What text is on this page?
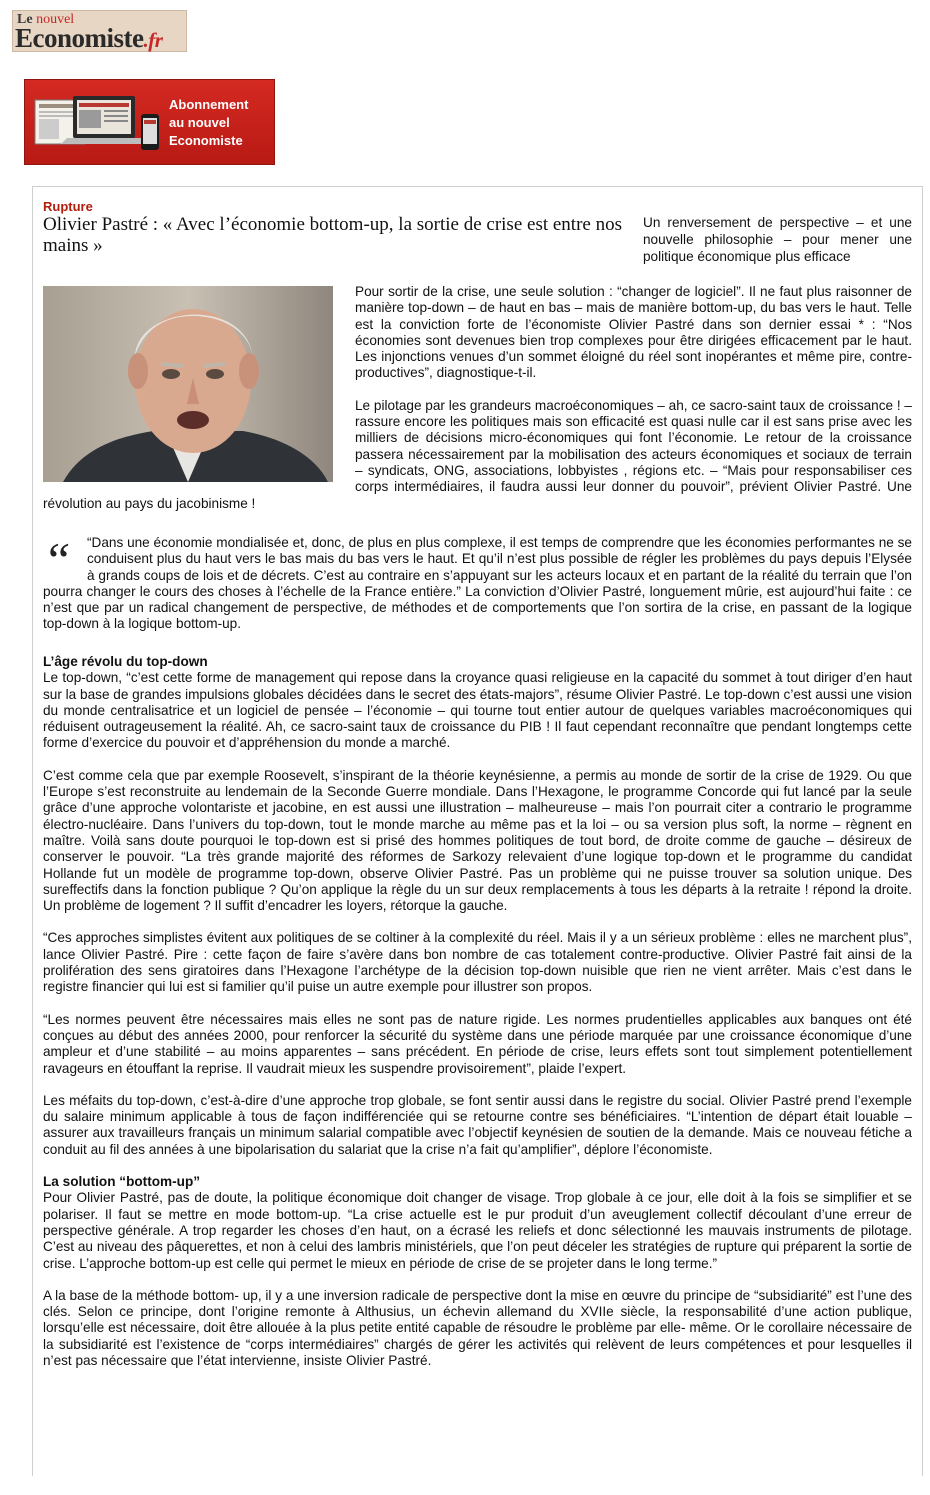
Le nouvel
Economiste.fr
Abonnement
au nouvel
Economiste
Rupture
Olivier Pastré : « Avec l’économie bottom-up, la sortie de crise est entre nos mains »
Un renversement de perspective – et une nouvelle philosophie – pour mener une politique économique plus efficace

Pour sortir de la crise, une seule solution : “changer de logiciel”. Il ne faut plus raisonner de manière top-down – de haut en bas – mais de manière bottom-up, du bas vers le haut. Telle est la conviction forte de l’économiste Olivier Pastré dans son dernier essai * : “Nos économies sont devenues bien trop complexes pour être dirigées efficacement par le haut. Les injonctions venues d’un sommet éloigné du réel sont inopérantes et même pire, contre-productives”, diagnostique-t-il.

Le pilotage par les grandeurs macroéconomiques – ah, ce sacro-saint taux de croissance ! – rassure encore les politiques mais son efficacité est quasi nulle car il est sans prise avec les milliers de décisions micro-économiques qui font l’économie. Le retour de la croissance passera nécessairement par la mobilisation des acteurs économiques et sociaux de terrain – syndicats, ONG, associations, lobbyistes , régions etc. – “Mais pour responsabiliser ces corps intermédiaires, il faudra aussi leur donner du pouvoir”, prévient Olivier Pastré. Une révolution au pays du jacobinisme !

“	“Dans une économie mondialisée et, donc, de plus en plus complexe, il est temps de comprendre que les économies performantes ne se conduisent plus du haut vers le bas mais du bas vers le haut. Et qu’il n’est plus possible de régler les problèmes du pays depuis l’Elysée à grands coups de lois et de décrets. C’est au contraire en s’appuyant sur les acteurs locaux et en partant de la réalité du terrain que l’on pourra changer le cours des choses à l’échelle de la France entière.” La conviction d’Olivier Pastré, longuement mûrie, est aujourd’hui faite : ce n’est que par un radical changement de perspective, de méthodes et de comportements que l’on sortira de la crise, en passant de la logique top-down à la logique bottom-up.
L’âge révolu du top-down

Le top-down, “c’est cette forme de management qui repose dans la croyance quasi religieuse en la capacité du sommet à tout diriger d’en haut sur la base de grandes impulsions globales décidées dans le secret des états-majors”, résume Olivier Pastré. Le top-down c’est aussi une vision du monde centralisatrice et un logiciel de pensée – l’économie – qui tourne tout entier autour de quelques variables macroéconomiques qui réduisent outrageusement la réalité. Ah, ce sacro-saint taux de croissance du PIB ! Il faut cependant reconnaître que pendant longtemps cette forme d’exercice du pouvoir et d’appréhension du monde a marché.

C’est comme cela que par exemple Roosevelt, s’inspirant de la théorie keynésienne, a permis au monde de sortir de la crise de 1929. Ou que l’Europe s’est reconstruite au lendemain de la Seconde Guerre mondiale. Dans l’Hexagone, le programme Concorde qui fut lancé par la seule grâce d’une approche volontariste et jacobine, en est aussi une illustration – malheureuse – mais l’on pourrait citer a contrario le programme électro-nucléaire. Dans l’univers du top-down, tout le monde marche au même pas et la loi – ou sa version plus soft, la norme – règnent en maître. Voilà sans doute pourquoi le top-down est si prisé des hommes politiques de tout bord, de droite comme de gauche – désireux de conserver le pouvoir. “La très grande majorité des réformes de Sarkozy relevaient d’une logique top-down et le programme du candidat Hollande fut un modèle de programme top-down, observe Olivier Pastré. Pas un problème qui ne puisse trouver sa solution unique. Des sureffectifs dans la fonction publique ? Qu’on applique la règle du un sur deux remplacements à tous les départs à la retraite ! répond la droite. Un problème de logement ? Il suffit d’encadrer les loyers, rétorque la gauche.

“Ces approches simplistes évitent aux politiques de se coltiner à la complexité du réel. Mais il y a un sérieux problème : elles ne marchent plus”, lance Olivier Pastré. Pire : cette façon de faire s’avère dans bon nombre de cas totalement contre-productive. Olivier Pastré fait ainsi de la prolifération des sens giratoires dans l’Hexagone l’archétype de la décision top-down nuisible que rien ne vient arrêter. Mais c’est dans le registre financier qui lui est si familier qu’il puise un autre exemple pour illustrer son propos.

“Les normes peuvent être nécessaires mais elles ne sont pas de nature rigide. Les normes prudentielles applicables aux banques ont été conçues au début des années 2000, pour renforcer la sécurité du système dans une période marquée par une croissance économique d’une ampleur et d’une stabilité – au moins apparentes – sans précédent. En période de crise, leurs effets sont tout simplement potentiellement ravageurs en étouffant la reprise. Il vaudrait mieux les suspendre provisoirement”, plaide l’expert.

Les méfaits du top-down, c’est-à-dire d’une approche trop globale, se font sentir aussi dans le registre du social. Olivier Pastré prend l’exemple du salaire minimum applicable à tous de façon indifférenciée qui se retourne contre ses bénéficiaires. “L’intention de départ était louable – assurer aux travailleurs français un minimum salarial compatible avec l’objectif keynésien de soutien de la demande. Mais ce nouveau fétiche a conduit au fil des années à une bipolarisation du salariat que la crise n’a fait qu’amplifier”, déplore l’économiste.

La solution “bottom-up”

Pour Olivier Pastré, pas de doute, la politique économique doit changer de visage. Trop globale à ce jour, elle doit à la fois se simplifier et se polariser. Il faut se mettre en mode bottom-up. “La crise actuelle est le pur produit d’un aveuglement collectif découlant d’une erreur de perspective générale. A trop regarder les choses d’en haut, on a écrasé les reliefs et donc sélectionné les mauvais instruments de pilotage. C’est au niveau des pâquerettes, et non à celui des lambris ministériels, que l’on peut déceler les stratégies de rupture qui préparent la sortie de crise. L’approche bottom-up est celle qui permet le mieux en période de crise de se projeter dans le long terme.”

A la base de la méthode bottom- up, il y a une inversion radicale de perspective dont la mise en œuvre du principe de “subsidiarité” est l’une des clés. Selon ce principe, dont l’origine remonte à Althusius, un échevin allemand du XVIIe siècle, la responsabilité d’une action publique, lorsqu’elle est nécessaire, doit être allouée à la plus petite entité capable de résoudre le problème par elle- même. Or le corollaire nécessaire de la subsidiarité est l’existence de “corps intermédiaires” chargés de gérer les activités qui relèvent de leurs compétences et pour lesquelles il n’est pas nécessaire que l’état intervienne, insiste Olivier Pastré.
